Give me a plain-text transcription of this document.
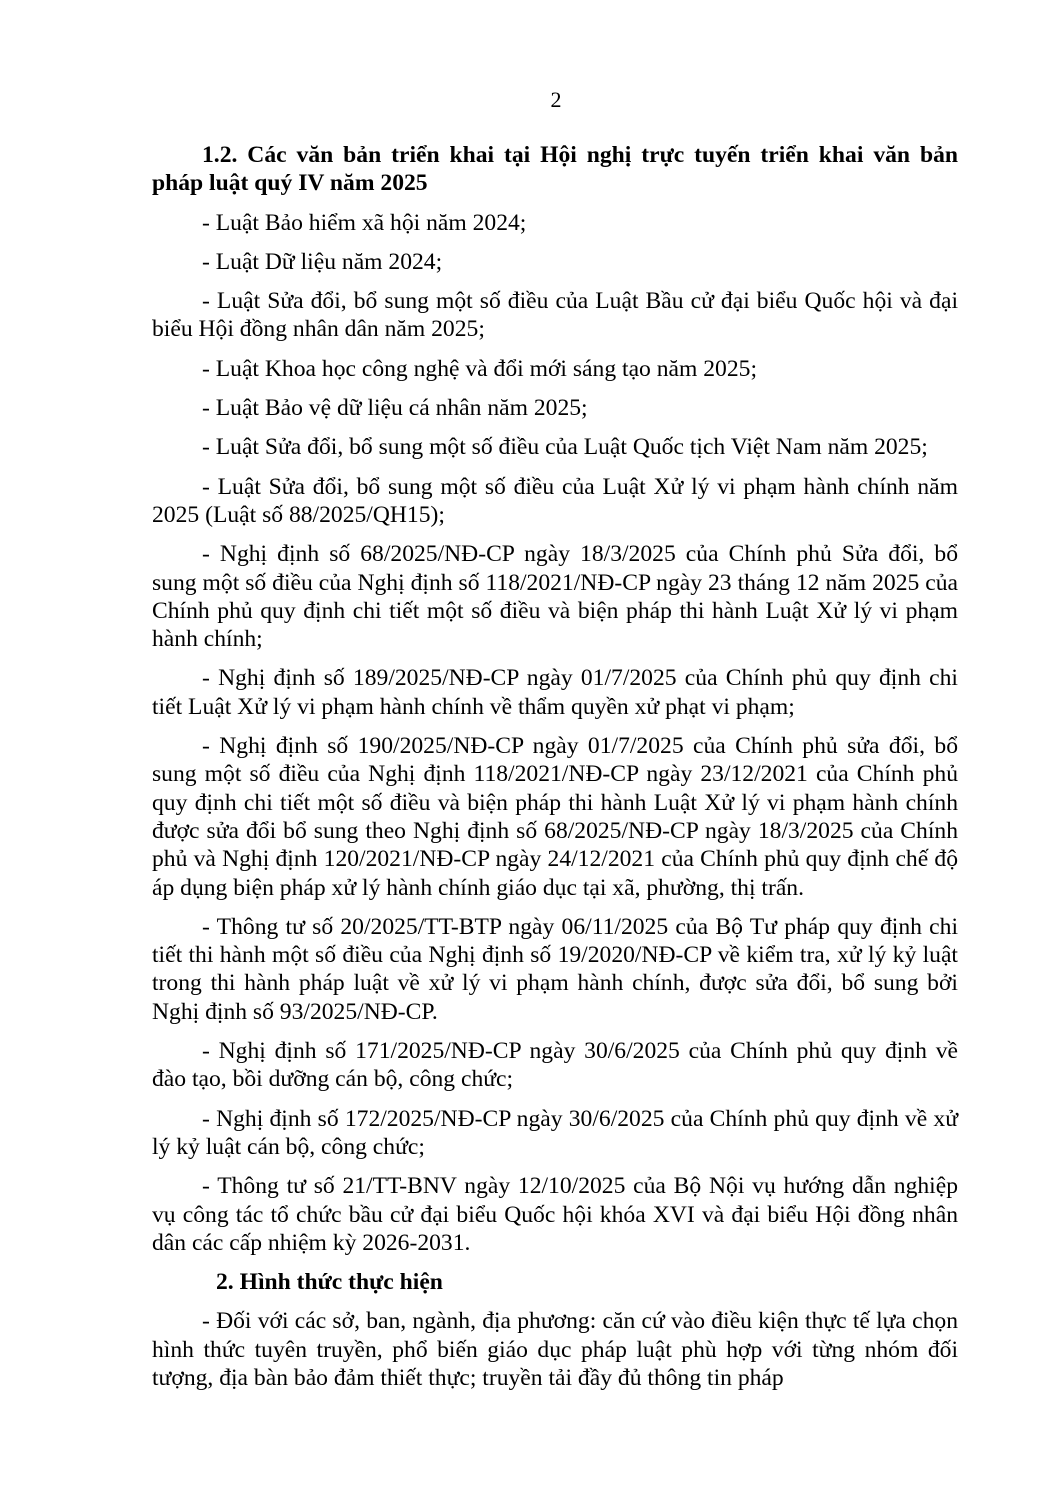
2

1.2. Các văn bản triển khai tại Hội nghị trực tuyến triển khai văn bản pháp luật quý IV năm 2025

- Luật Bảo hiểm xã hội năm 2024;

- Luật Dữ liệu năm 2024;

- Luật Sửa đổi, bổ sung một số điều của Luật Bầu cử đại biểu Quốc hội và đại biểu Hội đồng nhân dân năm 2025;

- Luật Khoa học công nghệ và đổi mới sáng tạo năm 2025;

- Luật Bảo vệ dữ liệu cá nhân năm 2025;

- Luật Sửa đổi, bổ sung một số điều của Luật Quốc tịch Việt Nam năm 2025;

- Luật Sửa đổi, bổ sung một số điều của Luật Xử lý vi phạm hành chính năm 2025 (Luật số 88/2025/QH15);

- Nghị định số 68/2025/NĐ-CP ngày 18/3/2025 của Chính phủ Sửa đổi, bổ sung một số điều của Nghị định số 118/2021/NĐ-CP ngày 23 tháng 12 năm 2025 của Chính phủ quy định chi tiết một số điều và biện pháp thi hành Luật Xử lý vi phạm hành chính;

- Nghị định số 189/2025/NĐ-CP ngày 01/7/2025 của Chính phủ quy định chi tiết Luật Xử lý vi phạm hành chính về thẩm quyền xử phạt vi phạm;

- Nghị định số 190/2025/NĐ-CP ngày 01/7/2025 của Chính phủ sửa đổi, bổ sung một số điều của Nghị định 118/2021/NĐ-CP ngày 23/12/2021 của Chính phủ quy định chi tiết một số điều và biện pháp thi hành Luật Xử lý vi phạm hành chính được sửa đổi bổ sung theo Nghị định số 68/2025/NĐ-CP ngày 18/3/2025 của Chính phủ và Nghị định 120/2021/NĐ-CP ngày 24/12/2021 của Chính phủ quy định chế độ áp dụng biện pháp xử lý hành chính giáo dục tại xã, phường, thị trấn.

- Thông tư số 20/2025/TT-BTP ngày 06/11/2025 của Bộ Tư pháp quy định chi tiết thi hành một số điều của Nghị định số 19/2020/NĐ-CP về kiểm tra, xử lý kỷ luật trong thi hành pháp luật về xử lý vi phạm hành chính, được sửa đổi, bổ sung bởi Nghị định số 93/2025/NĐ-CP.

- Nghị định số 171/2025/NĐ-CP ngày 30/6/2025 của Chính phủ quy định về đào tạo, bồi dưỡng cán bộ, công chức;

- Nghị định số 172/2025/NĐ-CP ngày 30/6/2025 của Chính phủ quy định về xử lý kỷ luật cán bộ, công chức;

- Thông tư số 21/TT-BNV ngày 12/10/2025 của Bộ Nội vụ hướng dẫn nghiệp vụ công tác tổ chức bầu cử đại biểu Quốc hội khóa XVI và đại biểu Hội đồng nhân dân các cấp nhiệm kỳ 2026-2031.

2. Hình thức thực hiện

- Đối với các sở, ban, ngành, địa phương: căn cứ vào điều kiện thực tế lựa chọn hình thức tuyên truyền, phổ biến giáo dục pháp luật phù hợp với từng nhóm đối tượng, địa bàn bảo đảm thiết thực; truyền tải đầy đủ thông tin pháp
